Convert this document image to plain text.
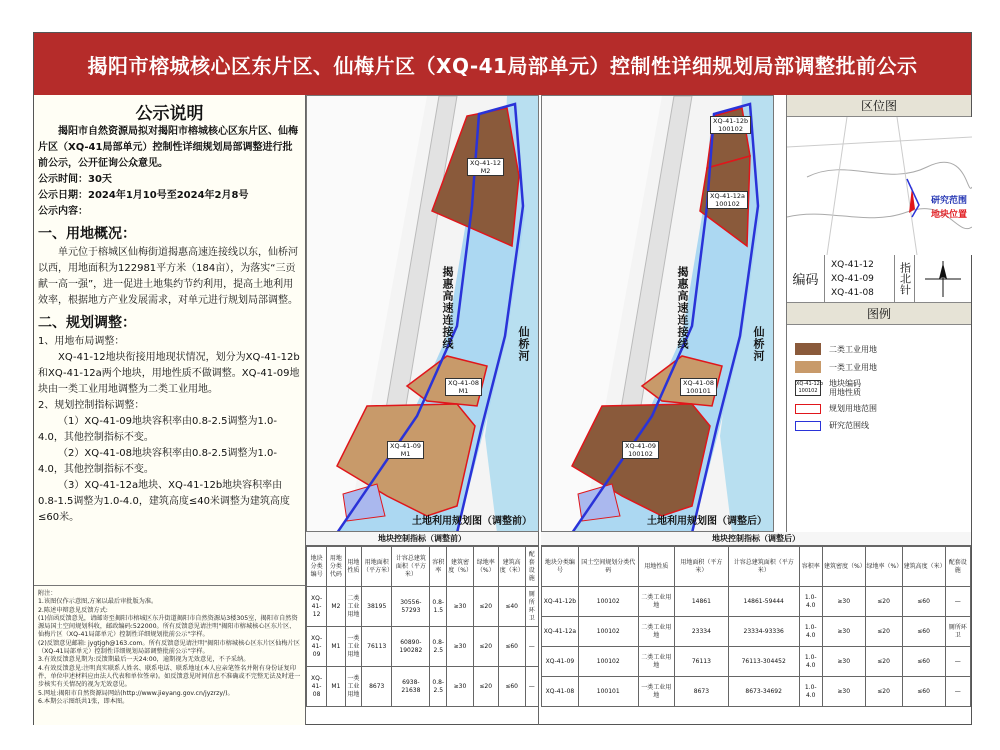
揭阳市榕城核心区东片区、仙梅片区（XQ-41局部单元）控制性详细规划局部调整批前公示
公示说明

揭阳市自然资源局拟对揭阳市榕城核心区东片区、仙梅片区（XQ-41局部单元）控制性详细规划局部调整进行批前公示，公开征询公众意见。

公示时间：30天

公示日期：2024年1月10号至2024年2月8号

公示内容：

一、用地概况：

单元位于榕城区仙梅街道揭惠高速连接线以东，仙桥河以西，用地面积为122981平方米（184亩），为落实“三贡献一高一强”，进一促进土地集约节约利用，提高土地利用效率，根据地方产业发展需求，对单元进行规划局部调整。

二、规划调整：

1、用地布局调整：

XQ-41-12地块衔接用地现状情况，划分为XQ-41-12b和XQ-41-12a两个地块，用地性质不做调整。XQ-41-09地块由一类工业用地调整为二类工业用地。

2、规划控制指标调整：

（1）XQ-41-09地块容积率由0.8-2.5调整为1.0-4.0，其他控制指标不变。

（2）XQ-41-08地块容积率由0.8-2.5调整为1.0-4.0，其他控制指标不变。

（3）XQ-41-12a地块、XQ-41-12b地块容积率由0.8-1.5调整为1.0-4.0，建筑高度≤40米调整为建筑高度≤60米。

附注：
1.该图仅作示意图,方案以最后审批版为准。
2.陈述申辩意见反馈方式:
(1)信函反馈意见，请邮寄至揭阳市榕城区东升街道揭阳市自然资源局3楼305室，揭阳市自然资源局国土空间规划科收，邮政编码:522000。所有反馈意见请注明"揭阳市榕城核心区东片区、仙梅片区（XQ-41局部单元）控制性详细规划批前公示"字样。
(2)反馈意见邮箱: jygtjgh@163.com。所有反馈意见请注明"揭阳市榕城核心区东片区仙梅片区（XQ-41局部单元）控制性详细规划局部调整批前公示"字样。
3.有效反馈意见期为:反馈期最后一天24:00，逾期视为无效意见，不予采纳。
4.有效反馈意见:注明真实联系人姓名、联系电话、联系地址(本人应亲笔签名并附有身份证复印件，单位申述材料应由法人代表和单位签章)。如反馈意见时间信息不准确或不完整无法及时进一步核实有关情况的视为无效意见。
5.网址:揭阳市自然资源局网站(http://www.jieyang.gov.cn/jyzrzy/)。
6.本期公示图纸共1张，即本图。
揭惠高速连接线	仙桥河
XQ-41-12
M2
XQ-41-08
M1
XQ-41-09
M1
土地利用规划图（调整前）
揭惠高速连接线	仙桥河
XQ-41-12b
100102
XQ-41-12a
100102
XQ-41-08
100101
XQ-41-09
100102
土地利用规划图（调整后）
区位图
研究范围
地块位置
编码
XQ-41-12
XQ-41-09
XQ-41-08	指北针
图例
二类工业用地
一类工业用地
XQ-41-12b
100102
地块编码
用地性质
规划用地范围
研究范围线
地块控制指标（调整前）
地块分类编号	用地分类代码	用地性质	用地面积（平方米）	计容总建筑面积（平方米）	容积率	建筑密度（%）	绿地率（%）	建筑高度（米）	配套设施
XQ-41-12	M2	二类工业用地	38195	30556-57293	0.8-1.5	≥30	≤20	≤40	厕所环卫
XQ-41-09	M1	一类工业用地	76113	60890-190282	0.8-2.5	≥30	≤20	≤60	—
XQ-41-08	M1	一类工业用地	8673	6938-21638	0.8-2.5	≥30	≤20	≤60	—
地块控制指标（调整后）
地块分类编号	国土空间规划分类代码	用地性质	用地面积（平方米）	计容总建筑面积（平方米）	容积率	建筑密度（%）	绿地率（%）	建筑高度（米）	配套设施
XQ-41-12b	100102	二类工业用地	14861	14861-59444	1.0-4.0	≥30	≤20	≤60	—
XQ-41-12a	100102	二类工业用地	23334	23334-93336	1.0-4.0	≥30	≤20	≤60	厕所环卫
XQ-41-09	100102	二类工业用地	76113	76113-304452	1.0-4.0	≥30	≤20	≤60	—
XQ-41-08	100101	一类工业用地	8673	8673-34692	1.0-4.0	≥30	≤20	≤60	—
